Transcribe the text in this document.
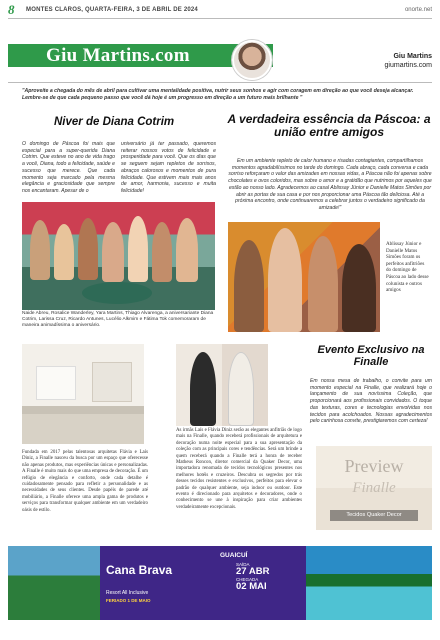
8 MONTES CLAROS, QUARTA-FEIRA, 3 DE ABRIL DE 2024	onorte.net
Giu Martins.com	Giu Martins
giumartins.com
"Aproveite a chegada do mês de abril para cultivar uma mentalidade positiva, nutrir seus sonhos e agir com coragem em direção ao que você deseja alcançar. Lembre-se de que cada pequeno passo que você dá hoje é um progresso em direção a um futuro mais brilhante "
Niver de Diana Cotrim
O domingo de Páscoa foi mais que especial para a super-querida Diana Cotrim. Que esteve no ano de vida trago a você, Diana, todo a felicidade, saúde e sucesso que merece. Que cada momento seja marcado pela mesma elegância e graciosidade que sempre nos encantaram. Apesar de o
universário já ter passado, queremos reiterar nossos votos de felicidade e prosperidade para você. Que os dias que se seguem sejam repletos de sorrisos, abraços calorosos e momentos de pura felicidade. Que estivem mais mais anos de amor, harmonia, sucesso e muita felicidade!
A verdadeira essência da Páscoa: a união entre amigos
Em um ambiente repleto de calor humano e risadas contagiantes, compartilhamos momentos agradabilíssimos no tarde do domingo. Cada abraço, cada conversa e cada sorriso reforçaram o valor das amizades em nossas vidas, a Páscoa não foi apenas sobre chocolates e ovos coloridos, mas sobre o amor e a gratidão que nutrimos por aqueles que estão ao nosso lado. Agradecemos ao casal Ablissay Júnior e Danielle Matos Simões por abrir as portas de sua casa e por nos proporcionar uma Páscoa tão deliciosa. Até a próxima encontro, onde continuaremos a celebrar juntos o verdadeiro significado da amizade!"
Naide Abreu, Rosalice Wanderley, Yara Martins, Thiago Alvarenga, a aniversariante Diana Cotrim, Larissa Cruz, Ricardo Antunes, Lucélio Alkmim e Fátima Tok comemoraram de maneira animadíssima o aniversário.
Ablissay Júnior e Danielle Matos Simões foram os perfeitos anfitriões do domingo de Páscoa ao lado desse colunista e outros amigos
Evento Exclusivo na Finalle
Em nossa mesa de trabalho, o convite para um momento especial na Finalle, que realizará hoje o lançamento de sua novíssima Coleção, que proporcionará aos profissionais convidados. O toque das texturas, cores e tecnologias envolvidas nos tecidos para acolchoados. Nossas agradecimentos pelo carinhosa convite, prestigiaremos com certeza!
Fundada em 2017 pelas talentosas arquitetas Flávia e Laís Diniz, a Finalle nasceu da busca por um espaço que oferecesse não apenas produtos, mas experiências únicas e personalizadas. A Finalle é muito mais do que uma empresa de decoração. É um refúgio de elegância e conforto, onde cada detalhe é cuidadosamente pensado para refletir a personalidade e as necessidades de seus clientes. Desde papéis de parede até mobiliário, a Finalle oferece uma ampla gama de produtos e serviços para transformar qualquer ambiente em um verdadeiro oásis de estilo.
As irmãs Laís e Flávia Diniz serão as elegantes anfitriãs de logo mais na Finalle, quando receberá profissionais de arquitetura e decoração numa noite especial para a sua apresentação da coleção com as principais cores e tendências. Será um brinde a quem receberá quando a Finalle terá a honra de receber Matheus Roncon, diretor comercial da Quaker Decor, uma importadora renomada de tecidos tecnológicos presentes nos melhores hotéis e cruzeiros. Descubra os segredos por trás desses tecidos resistentes e exclusivos, perfeitos para elevar o padrão de qualquer ambiente, seja indoor ou outdoor. Este evento é direcionado para arquitetos e decoradores, onde o conhecimento se une à inspiração para criar ambientes verdadeiramente excepcionais.
Preview
Finalle
Tecidos Quaker Decor
Cana Brava
Resort All Inclusive
FERIADO 1 DE MAIO
GUAICUÍ
SAÍDA
27 ABR
CHEGADA
02 MAI
